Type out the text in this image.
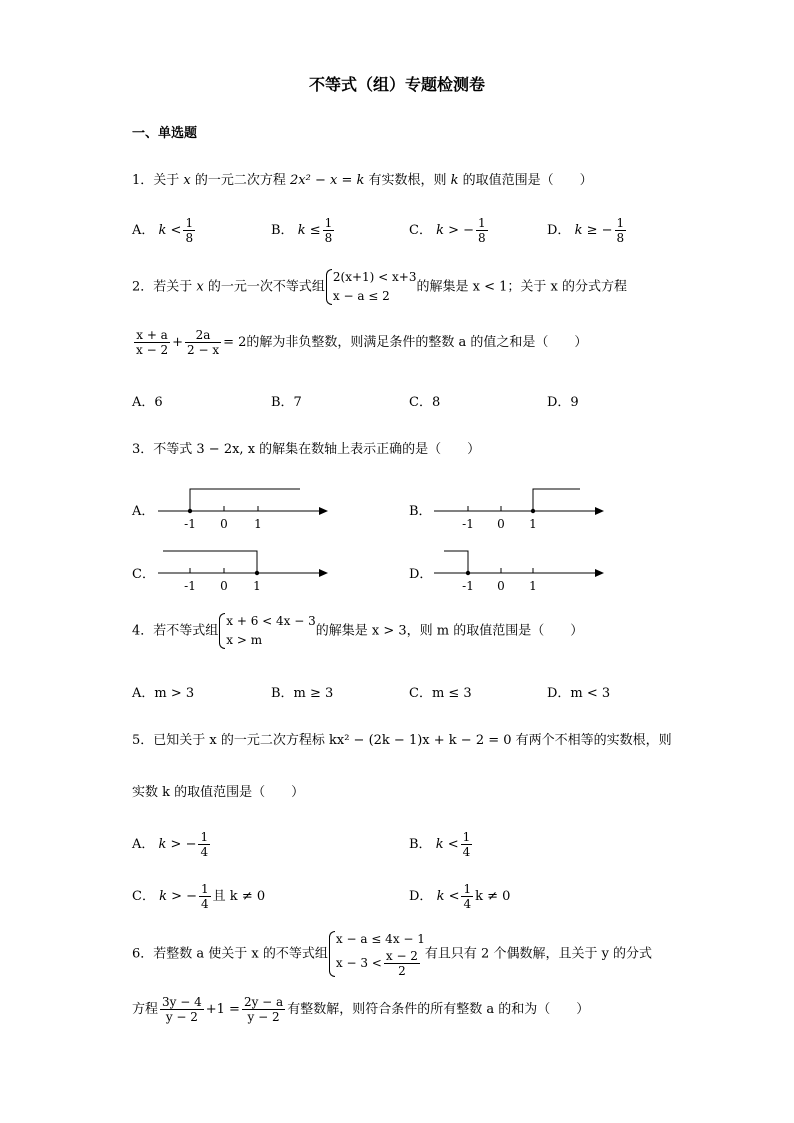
不等式（组）专题检测卷
一、单选题
1．关于 x 的一元二次方程 2x² − x = k 有实数根，则 k 的取值范围是（　　）
A． $k < \frac{1}{8}$	B． $k \le \frac{1}{8}$	C． k > − $\frac{1}{8}$	D． k ≥ − $\frac{1}{8}$
2．若关于 x 的一元一次不等式组
2(x+1) < x+3
x − a ≤ 2
的解集是 x < 1；关于 x 的分式方程
$\frac{x + a}{x - 2} + \frac{2a}{2 - x} = 2$的解为非负整数，则满足条件的整数 a 的值之和是（　　）
A．6	B．7	C．8	D．9
3．不等式 3 − 2x, x 的解集在数轴上表示正确的是（　　）
A．
-1 0 1
B．
-1 0 1
C．
-1 0 1
D．
-1 0 1
4．若不等式组
x + 6 < 4x − 3
x > m
的解集是 x > 3，则 m 的取值范围是（　　）
A．m > 3	B．m ≥ 3	C．m ≤ 3	D．m < 3
5．已知关于 x 的一元二次方程标 kx² − (2k − 1)x + k − 2 = 0 有两个不相等的实数根，则
实数 k 的取值范围是（　　）
A． k > − $\frac{1}{4}$	B． $k < \frac{1}{4}$
C． k > − $\frac{1}{4}$ 且 k ≠ 0	D． $k < \frac{1}{4}$ k ≠ 0
6．若整数 a 使关于 x 的不等式组
x − a ≤ 4x − 1
$x - 3 < \frac{x - 2}{2}$ 有且只有 2 个偶数解，且关于 y 的分式
方程 $\frac{3y - 4}{y - 2} +1 = \frac{2y - a}{y - 2}$ 有整数解，则符合条件的所有整数 a 的和为（　　）
